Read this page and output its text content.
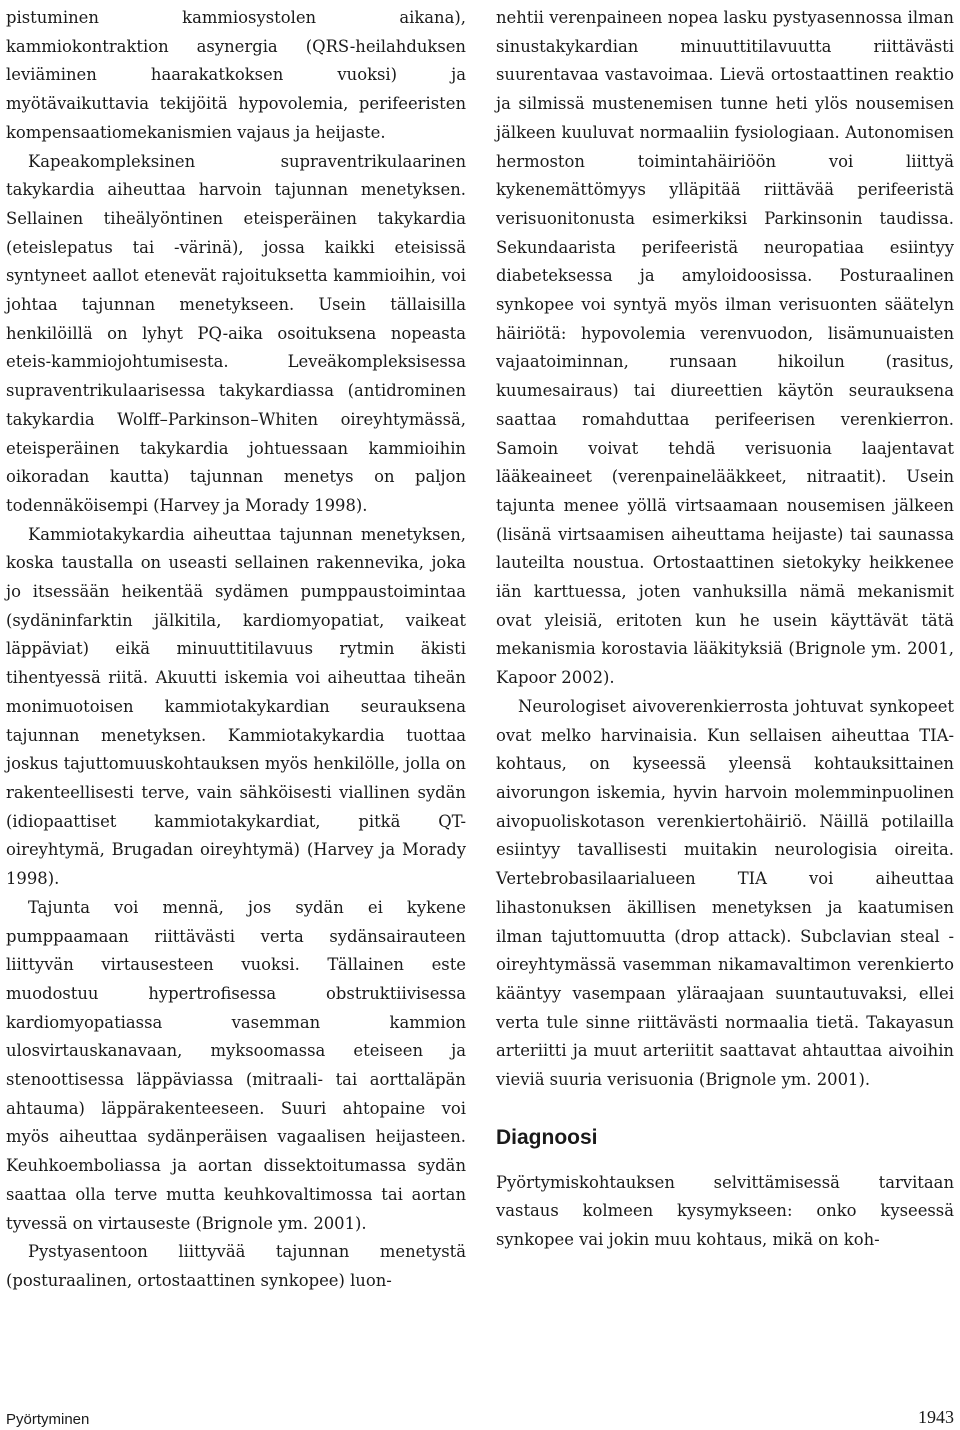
pistuminen kammiosystolen aikana), kammiokontraktion asynergia (QRS-heilahduksen leviäminen haarakatkoksen vuoksi) ja myötävaikuttavia tekijöitä hypovolemia, perifeeristen kompensaatiomekanismien vajaus ja heijaste.

Kapeakompleksinen supraventrikulaarinen takykardia aiheuttaa harvoin tajunnan menetyksen. Sellainen tiheälyöntinen eteisperäinen takykardia (eteislepatus tai -värinä), jossa kaikki eteisissä syntyneet aallot etenevät rajoituksetta kammioihin, voi johtaa tajunnan menetykseen. Usein tällaisilla henkilöillä on lyhyt PQ-aika osoituksena nopeasta eteis-kammiojohtumisesta. Leveäkompleksisessa supraventrikulaarisessa takykardiassa (antidrominen takykardia Wolff–Parkinson–Whiten oireyhtymässä, eteisperäinen takykardia johtuessaan kammioihin oikoradan kautta) tajunnan menetys on paljon todennäköisempi (Harvey ja Morady 1998).

Kammiotakykardia aiheuttaa tajunnan menetyksen, koska taustalla on useasti sellainen rakennevika, joka jo itsessään heikentää sydämen pumppaustoimintaa (sydäninfarktin jälkitila, kardiomyopatiat, vaikeat läppäviat) eikä minuuttitilavuus rytmin äkisti tihentyessä riitä. Akuutti iskemia voi aiheuttaa tiheän monimuotoisen kammiotakykardian seurauksena tajunnan menetyksen. Kammiotakykardia tuottaa joskus tajuttomuuskohtauksen myös henkilölle, jolla on rakenteellisesti terve, vain sähköisesti viallinen sydän (idiopaattiset kammiotakykardiat, pitkä QT-oireyhtymä, Brugadan oireyhtymä) (Harvey ja Morady 1998).

Tajunta voi mennä, jos sydän ei kykene pumppaamaan riittävästi verta sydänsairauteen liittyvän virtausesteen vuoksi. Tällainen este muodostuu hypertrofisessa obstruktiivisessa kardiomyopatiassa vasemman kammion ulosvirtauskanavaan, myksoomassa eteiseen ja stenoottisessa läppäviassa (mitraali- tai aorttaläpän ahtauma) läppärakenteeseen. Suuri ahtopaine voi myös aiheuttaa sydänperäisen vagaalisen heijasteen. Keuhkoemboliassa ja aortan dissektoitumassa sydän saattaa olla terve mutta keuhkovaltimossa tai aortan tyvessä on virtauseste (Brignole ym. 2001).

Pystyasentoon liittyvää tajunnan menetystä (posturaalinen, ortostaattinen synkopee) luon-

nehtii verenpaineen nopea lasku pystyasennossa ilman sinustakykardian minuuttitilavuutta riittävästi suurentavaa vastavoimaa. Lievä ortostaattinen reaktio ja silmissä mustenemisen tunne heti ylös nousemisen jälkeen kuuluvat normaaliin fysiologiaan. Autonomisen hermoston toimintahäiriöön voi liittyä kykenemättömyys ylläpitää riittävää perifeeristä verisuonitonusta esimerkiksi Parkinsonin taudissa. Sekundaarista perifeeristä neuropatiaa esiintyy diabeteksessa ja amyloidoosissa. Posturaalinen synkopee voi syntyä myös ilman verisuonten säätelyn häiriötä: hypovolemia verenvuodon, lisämunuaisten vajaatoiminnan, runsaan hikoilun (rasitus, kuumesairaus) tai diureettien käytön seurauksena saattaa romahduttaa perifeerisen verenkierron. Samoin voivat tehdä verisuonia laajentavat lääkeaineet (verenpainelääkkeet, nitraatit). Usein tajunta menee yöllä virtsaamaan nousemisen jälkeen (lisänä virtsaamisen aiheuttama heijaste) tai saunassa lauteilta noustua. Ortostaattinen sietokyky heikkenee iän karttuessa, joten vanhuksilla nämä mekanismit ovat yleisiä, eritoten kun he usein käyttävät tätä mekanismia korostavia lääkityksiä (Brignole ym. 2001, Kapoor 2002).

Neurologiset aivoverenkierrosta johtuvat synkopeet ovat melko harvinaisia. Kun sellaisen aiheuttaa TIA-kohtaus, on kyseessä yleensä kohtauksittainen aivorungon iskemia, hyvin harvoin molemminpuolinen aivopuoliskotason verenkiertohäiriö. Näillä potilailla esiintyy tavallisesti muitakin neurologisia oireita. Vertebrobasilaarialueen TIA voi aiheuttaa lihastonuksen äkillisen menetyksen ja kaatumisen ilman tajuttomuutta (drop attack). Subclavian steal -oireyhtymässä vasemman nikamavaltimon verenkierto kääntyy vasempaan yläraajaan suuntautuvaksi, ellei verta tule sinne riittävästi normaalia tietä. Takayasun arteriitti ja muut arteriitit saattavat ahtauttaa aivoihin vieviä suuria verisuonia (Brignole ym. 2001).

Diagnoosi

Pyörtymiskohtauksen selvittämisessä tarvitaan vastaus kolmeen kysymykseen: onko kyseessä synkopee vai jokin muu kohtaus, mikä on koh-

Pyörtyminen	1943
